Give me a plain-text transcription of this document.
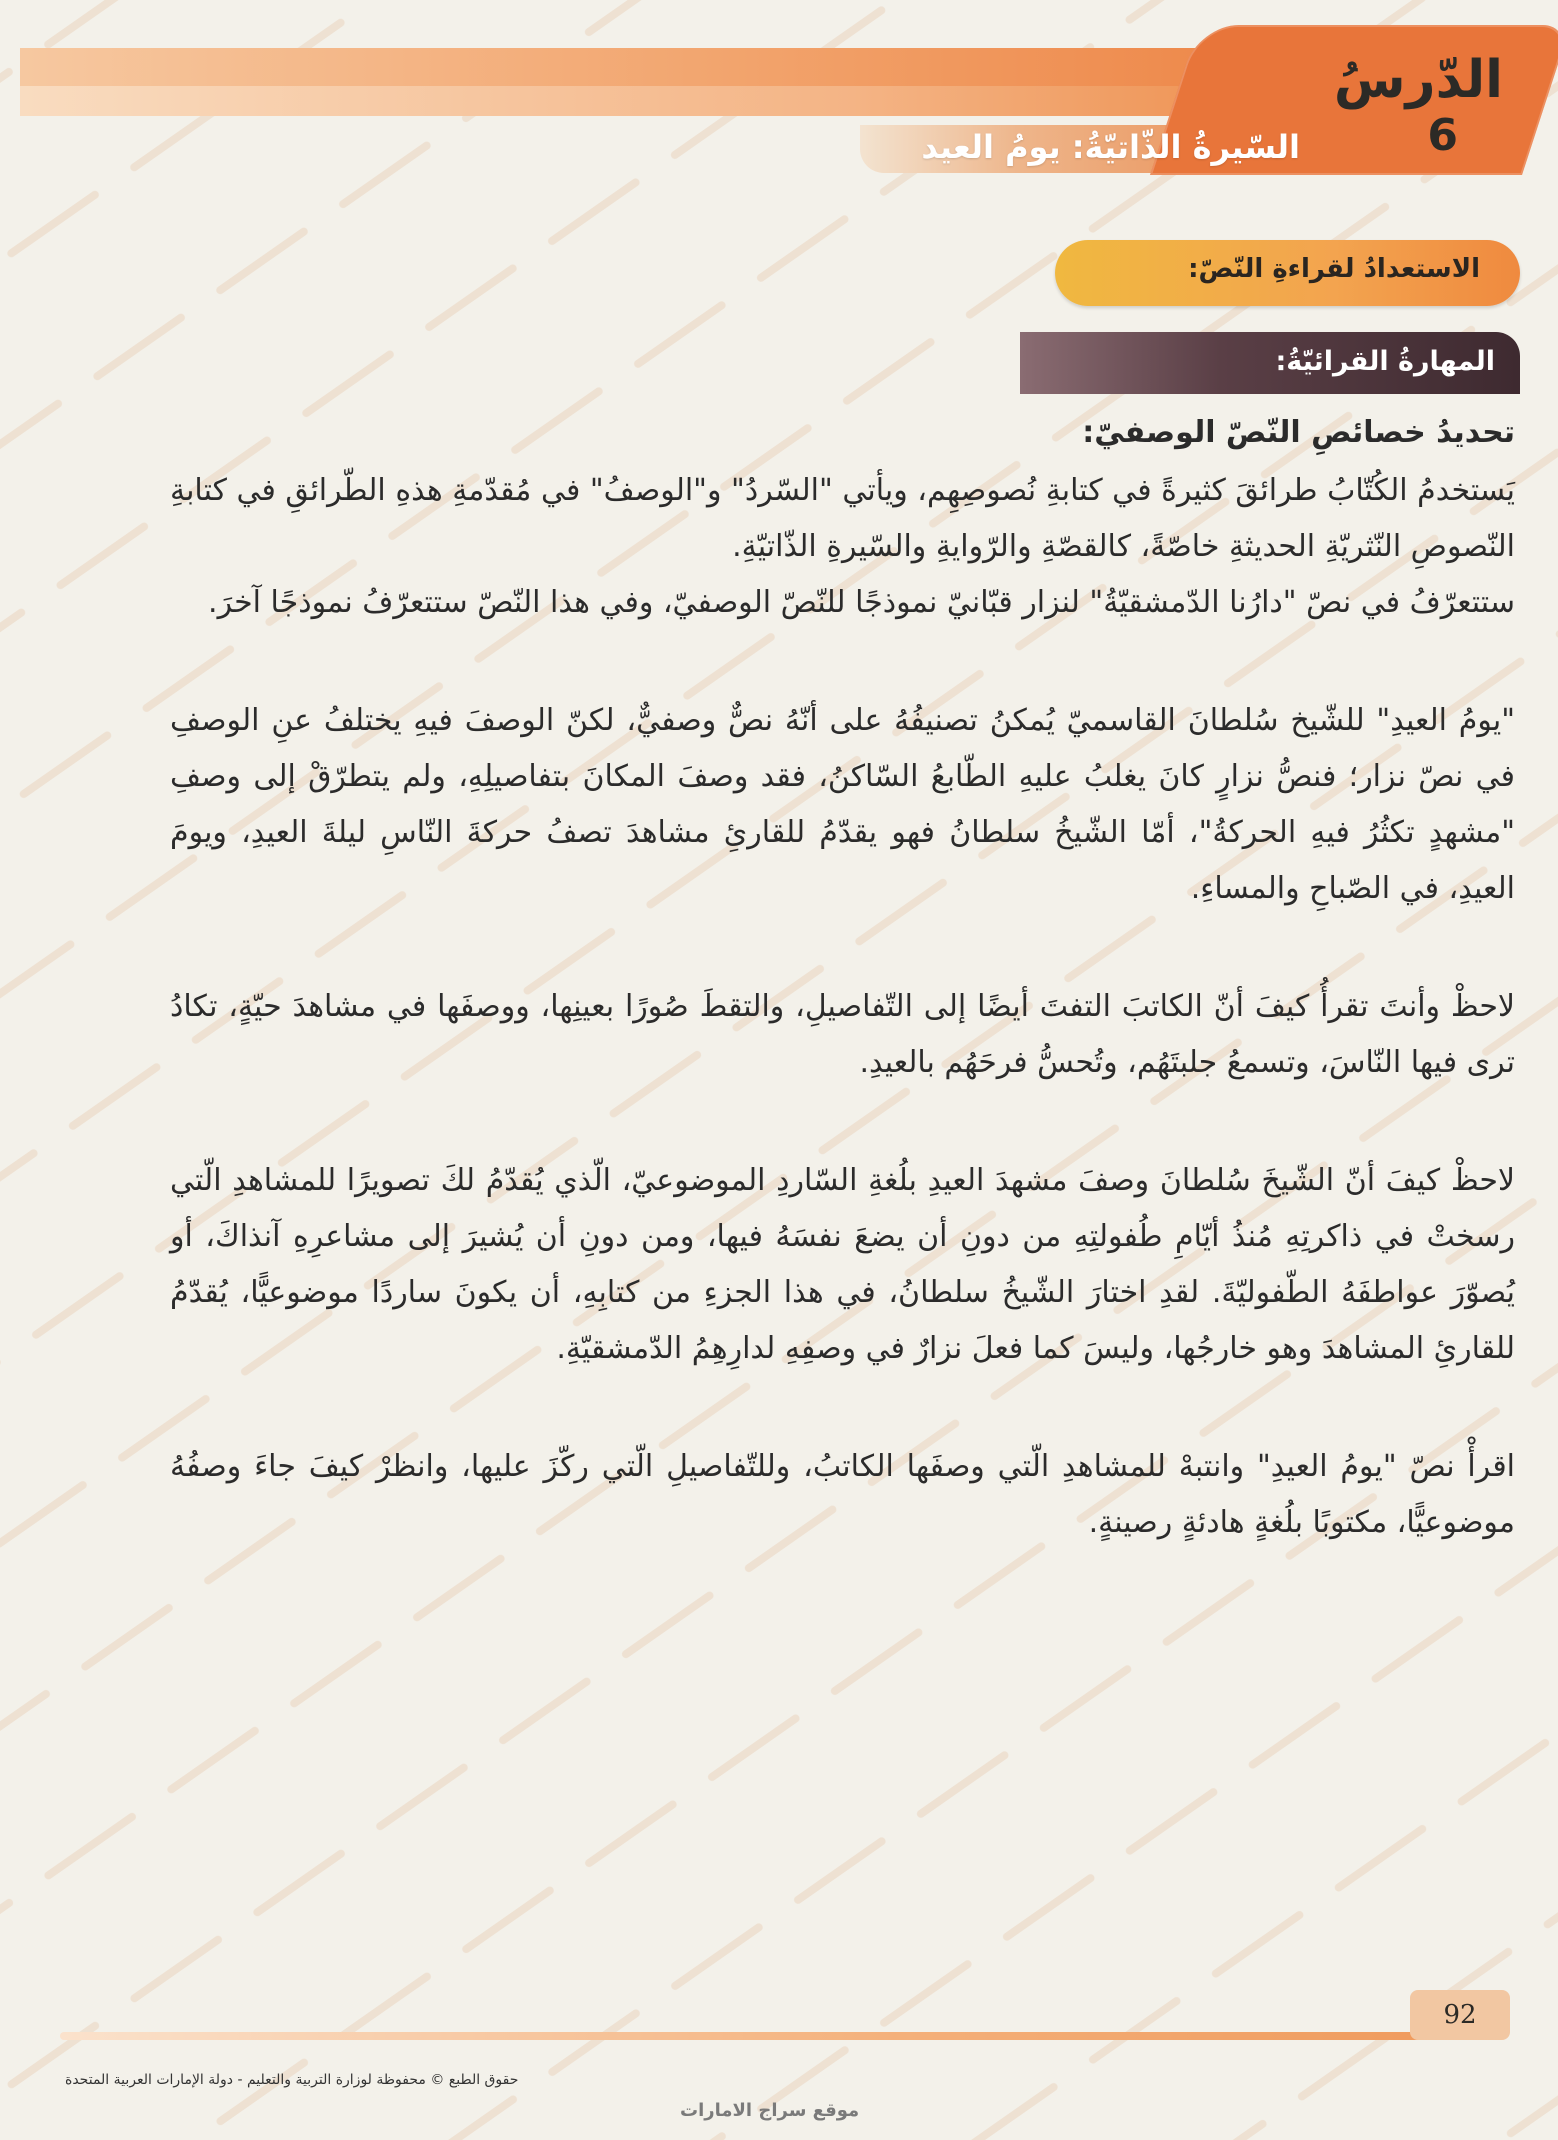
الدّرسُ
6
السّيرةُ الذّاتيّةُ: يومُ العيد
الاستعدادُ لقراءةِ النّصّ:
المهارةُ القرائيّةُ:

تحديدُ خصائصِ النّصّ الوصفيّ:

يَستخدمُ الكُتّابُ طرائقَ كثيرةً في كتابةِ نُصوصِهِم، ويأتي "السّردُ" و"الوصفُ" في مُقدّمةِ هذهِ الطّرائقِ في كتابةِ النّصوصِ النّثريّةِ الحديثةِ خاصّةً، كالقصّةِ والرّوايةِ والسّيرةِ الذّاتيّةِ.

ستتعرّفُ في نصّ "دارُنا الدّمشقيّةُ" لنزار قبّانيّ نموذجًا للنّصّ الوصفيّ، وفي هذا النّصّ ستتعرّفُ نموذجًا آخرَ.

"يومُ العيدِ" للشّيخ سُلطانَ القاسميّ يُمكنُ تصنيفُهُ على أنّهُ نصٌّ وصفيٌّ، لكنّ الوصفَ فيهِ يختلفُ عنِ الوصفِ في نصّ نزار؛ فنصُّ نزارٍ كانَ يغلبُ عليهِ الطّابعُ السّاكنُ، فقد وصفَ المكانَ بتفاصيلِهِ، ولم يتطرّقْ إلى وصفِ "مشهدٍ تكثُرُ فيهِ الحركةُ"، أمّا الشّيخُ سلطانُ فهو يقدّمُ للقارئِ مشاهدَ تصفُ حركةَ النّاسِ ليلةَ العيدِ، ويومَ العيدِ، في الصّباحِ والمساءِ.

لاحظْ وأنتَ تقرأُ كيفَ أنّ الكاتبَ التفتَ أيضًا إلى التّفاصيلِ، والتقطَ صُورًا بعينِها، ووصفَها في مشاهدَ حيّةٍ، تكادُ ترى فيها النّاسَ، وتسمعُ جلبتَهُم، وتُحسُّ فرحَهُم بالعيدِ.

لاحظْ كيفَ أنّ الشّيخَ سُلطانَ وصفَ مشهدَ العيدِ بلُغةِ السّاردِ الموضوعيّ، الّذي يُقدّمُ لكَ تصويرًا للمشاهدِ الّتي رسختْ في ذاكرتِهِ مُنذُ أيّامِ طُفولتِهِ من دونِ أن يضعَ نفسَهُ فيها، ومن دونِ أن يُشيرَ إلى مشاعرِهِ آنذاكَ، أو يُصوّرَ عواطفَهُ الطّفوليّةَ. لقدِ اختارَ الشّيخُ سلطانُ، في هذا الجزءِ من كتابِهِ، أن يكونَ ساردًا موضوعيًّا، يُقدّمُ للقارئِ المشاهدَ وهو خارجُها، وليسَ كما فعلَ نزارٌ في وصفِهِ لدارِهِمُ الدّمشقيّةِ.

اقرأْ نصّ "يومُ العيدِ" وانتبهْ للمشاهدِ الّتي وصفَها الكاتبُ، وللتّفاصيلِ الّتي ركّزَ عليها، وانظرْ كيفَ جاءَ وصفُهُ موضوعيًّا، مكتوبًا بلُغةٍ هادئةٍ رصينةٍ.

92
حقوق الطبع © محفوظة لوزارة التربية والتعليم - دولة الإمارات العربية المتحدة
موقع سراج الامارات
